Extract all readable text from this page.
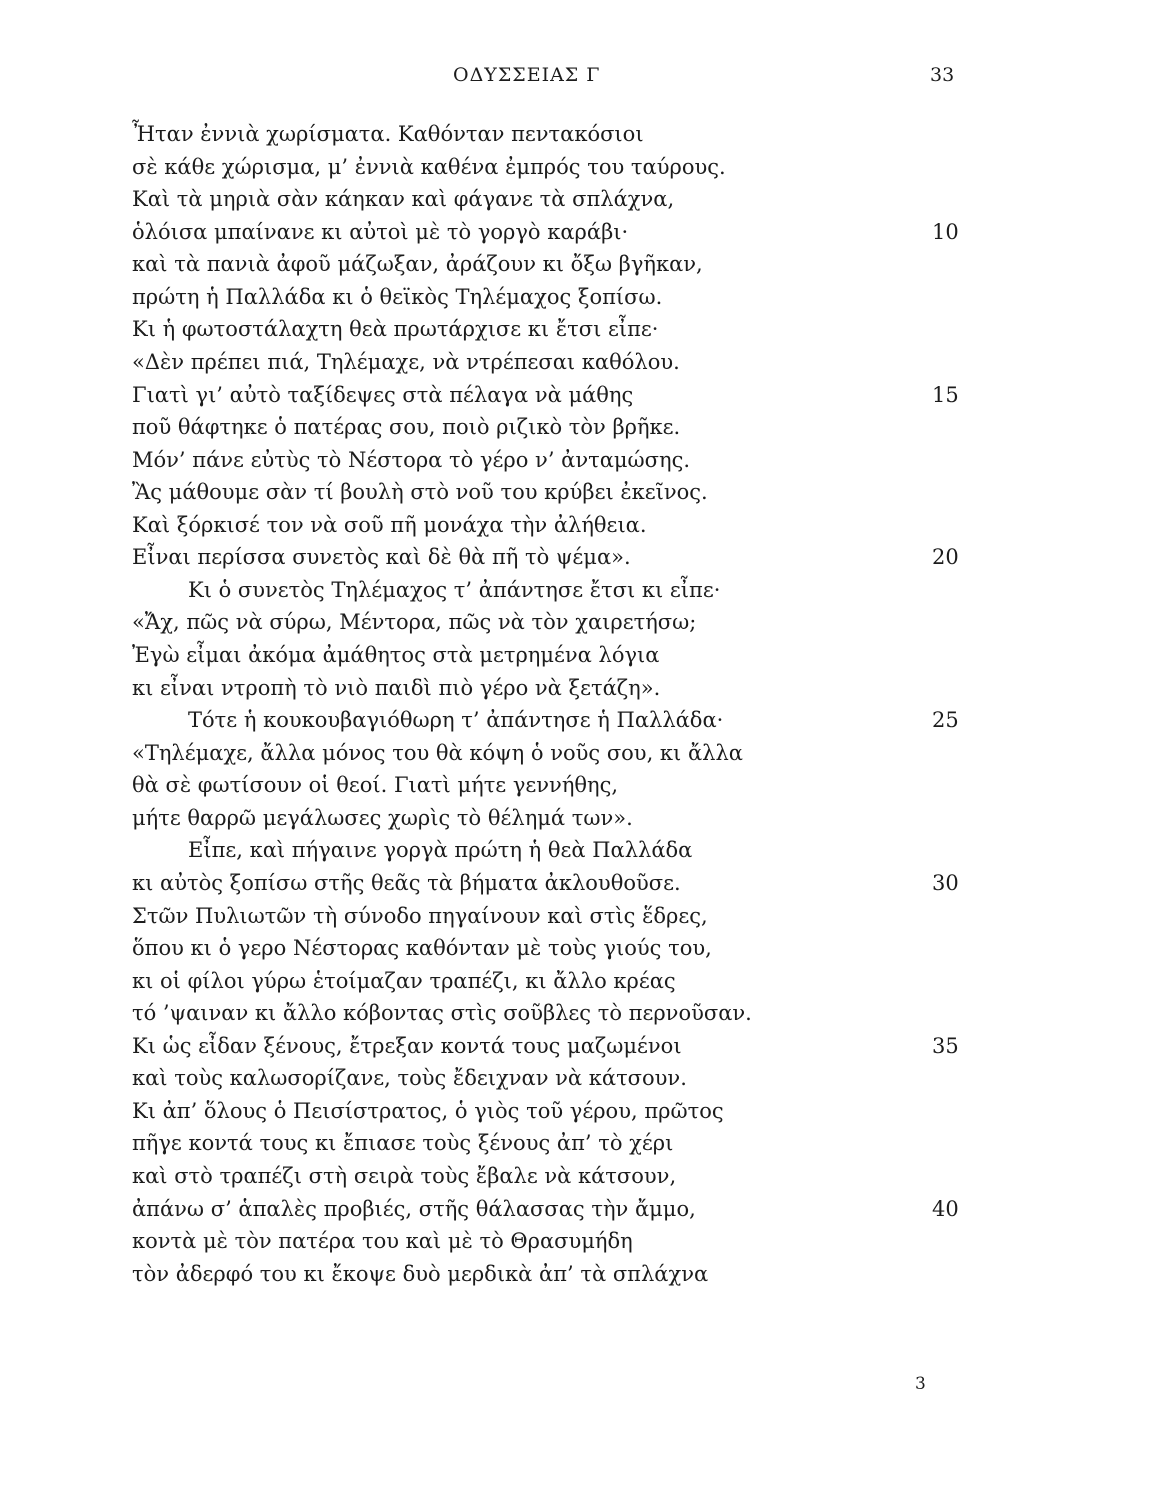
ΟΔΥΣΣΕΙΑΣ Γ	33
Ἦταν ἐννιὰ χωρίσματα. Καθόνταν πεντακόσιοι
σὲ κάθε χώρισμα, μ’ ἐννιὰ καθένα ἐμπρός του ταύρους.
Καὶ τὰ μηριὰ σὰν κάηκαν καὶ φάγανε τὰ σπλάχνα,
ὁλόισα μπαίνανε κι αὐτοὶ μὲ τὸ γοργὸ καράβι·	10
καὶ τὰ πανιὰ ἀφοῦ μάζωξαν, ἀράζουν κι ὄξω βγῆκαν,
πρώτη ἡ Παλλάδα κι ὁ θεϊκὸς Τηλέμαχος ξοπίσω.
Κι ἡ φωτοστάλαχτη θεὰ πρωτάρχισε κι ἔτσι εἶπε·
«Δὲν πρέπει πιά, Τηλέμαχε, νὰ ντρέπεσαι καθόλου.
Γιατὶ γι’ αὐτὸ ταξίδεψες στὰ πέλαγα νὰ μάθης	15
ποῦ θάφτηκε ὁ πατέρας σου, ποιὸ ριζικὸ τὸν βρῆκε.
Μόν’ πάνε εὐτὺς τὸ Νέστορα τὸ γέρο ν’ ἀνταμώσης.
Ἂς μάθουμε σὰν τί βουλὴ στὸ νοῦ του κρύβει ἐκεῖνος.
Καὶ ξόρκισέ τον νὰ σοῦ πῆ μονάχα τὴν ἀλήθεια.
Εἶναι περίσσα συνετὸς καὶ δὲ θὰ πῆ τὸ ψέμα».	20
Κι ὁ συνετὸς Τηλέμαχος τ’ ἀπάντησε ἔτσι κι εἶπε·
«Ἄχ, πῶς νὰ σύρω, Μέντορα, πῶς νὰ τὸν χαιρετήσω;
Ἐγὼ εἶμαι ἀκόμα ἀμάθητος στὰ μετρημένα λόγια
κι εἶναι ντροπὴ τὸ νιὸ παιδὶ πιὸ γέρο νὰ ξετάζη».
Τότε ἡ κουκουβαγιόθωρη τ’ ἀπάντησε ἡ Παλλάδα·	25
«Τηλέμαχε, ἄλλα μόνος του θὰ κόψη ὁ νοῦς σου, κι ἄλλα
θὰ σὲ φωτίσουν οἱ θεοί. Γιατὶ μήτε γεννήθης,
μήτε θαρρῶ μεγάλωσες χωρὶς τὸ θέλημά των».
Εἶπε, καὶ πήγαινε γοργὰ πρώτη ἡ θεὰ Παλλάδα
κι αὐτὸς ξοπίσω στῆς θεᾶς τὰ βήματα ἀκλουθοῦσε.	30
Στῶν Πυλιωτῶν τὴ σύνοδο πηγαίνουν καὶ στὶς ἕδρες,
ὅπου κι ὁ γερο Νέστορας καθόνταν μὲ τοὺς γιούς του,
κι οἱ φίλοι γύρω ἑτοίμαζαν τραπέζι, κι ἄλλο κρέας
τό ’ψαιναν κι ἄλλο κόβοντας στὶς σοῦβλες τὸ περνοῦσαν.
Κι ὡς εἶδαν ξένους, ἔτρεξαν κοντά τους μαζωμένοι	35
καὶ τοὺς καλωσορίζανε, τοὺς ἔδειχναν νὰ κάτσουν.
Κι ἀπ’ ὅλους ὁ Πεισίστρατος, ὁ γιὸς τοῦ γέρου, πρῶτος
πῆγε κοντά τους κι ἔπιασε τοὺς ξένους ἀπ’ τὸ χέρι
καὶ στὸ τραπέζι στὴ σειρὰ τοὺς ἔβαλε νὰ κάτσουν,
ἀπάνω σ’ ἁπαλὲς προβιές, στῆς θάλασσας τὴν ἄμμο,	40
κοντὰ μὲ τὸν πατέρα του καὶ μὲ τὸ Θρασυμήδη
τὸν ἀδερφό του κι ἔκοψε δυὸ μερδικὰ ἀπ’ τὰ σπλάχνα
3
